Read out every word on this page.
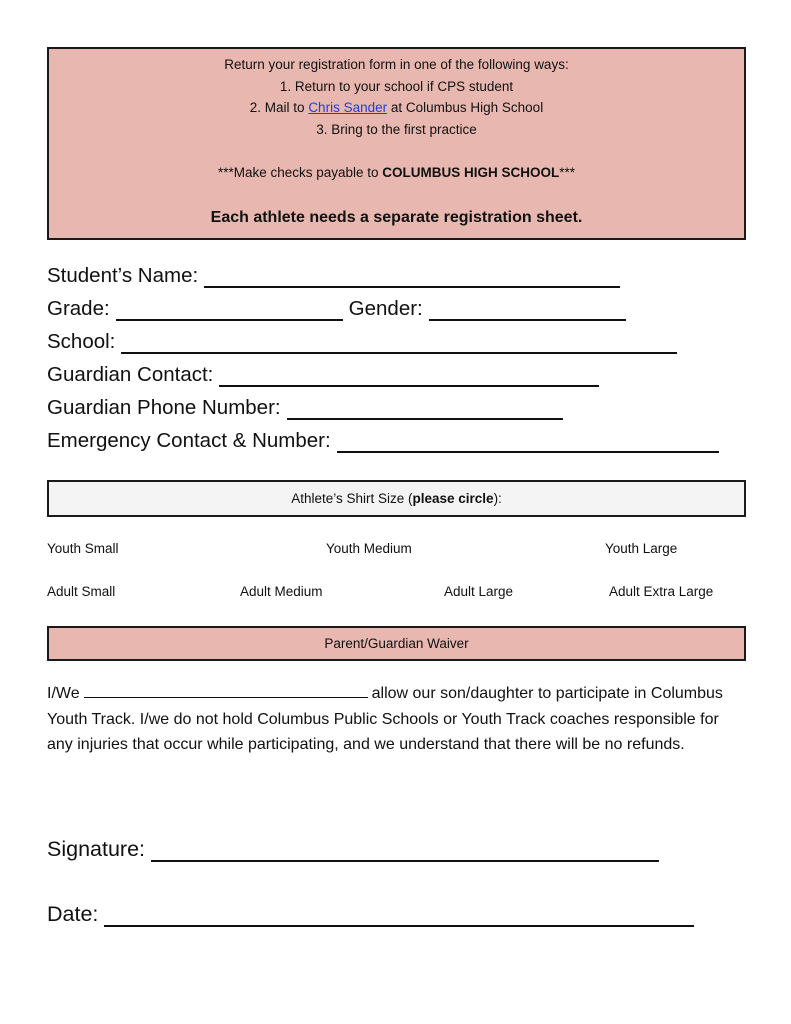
Return your registration form in one of the following ways:
1. Return to your school if CPS student
2. Mail to Chris Sander at Columbus High School
3. Bring to the first practice
***Make checks payable to COLUMBUS HIGH SCHOOL***
Each athlete needs a separate registration sheet.
Student’s Name:
Grade:	Gender:
School:
Guardian Contact:
Guardian Phone Number:
Emergency Contact & Number:
Athlete’s Shirt Size ( please circle ):
Youth Small	Youth Medium	Youth Large
Adult Small	Adult Medium	Adult Large	Adult Extra Large
Parent/Guardian Waiver
I/We	allow our son/daughter to participate in Columbus Youth Track. I/we do not hold Columbus Public Schools or Youth Track coaches responsible for any injuries that occur while participating, and we understand that there will be no refunds.
Signature:
Date:
